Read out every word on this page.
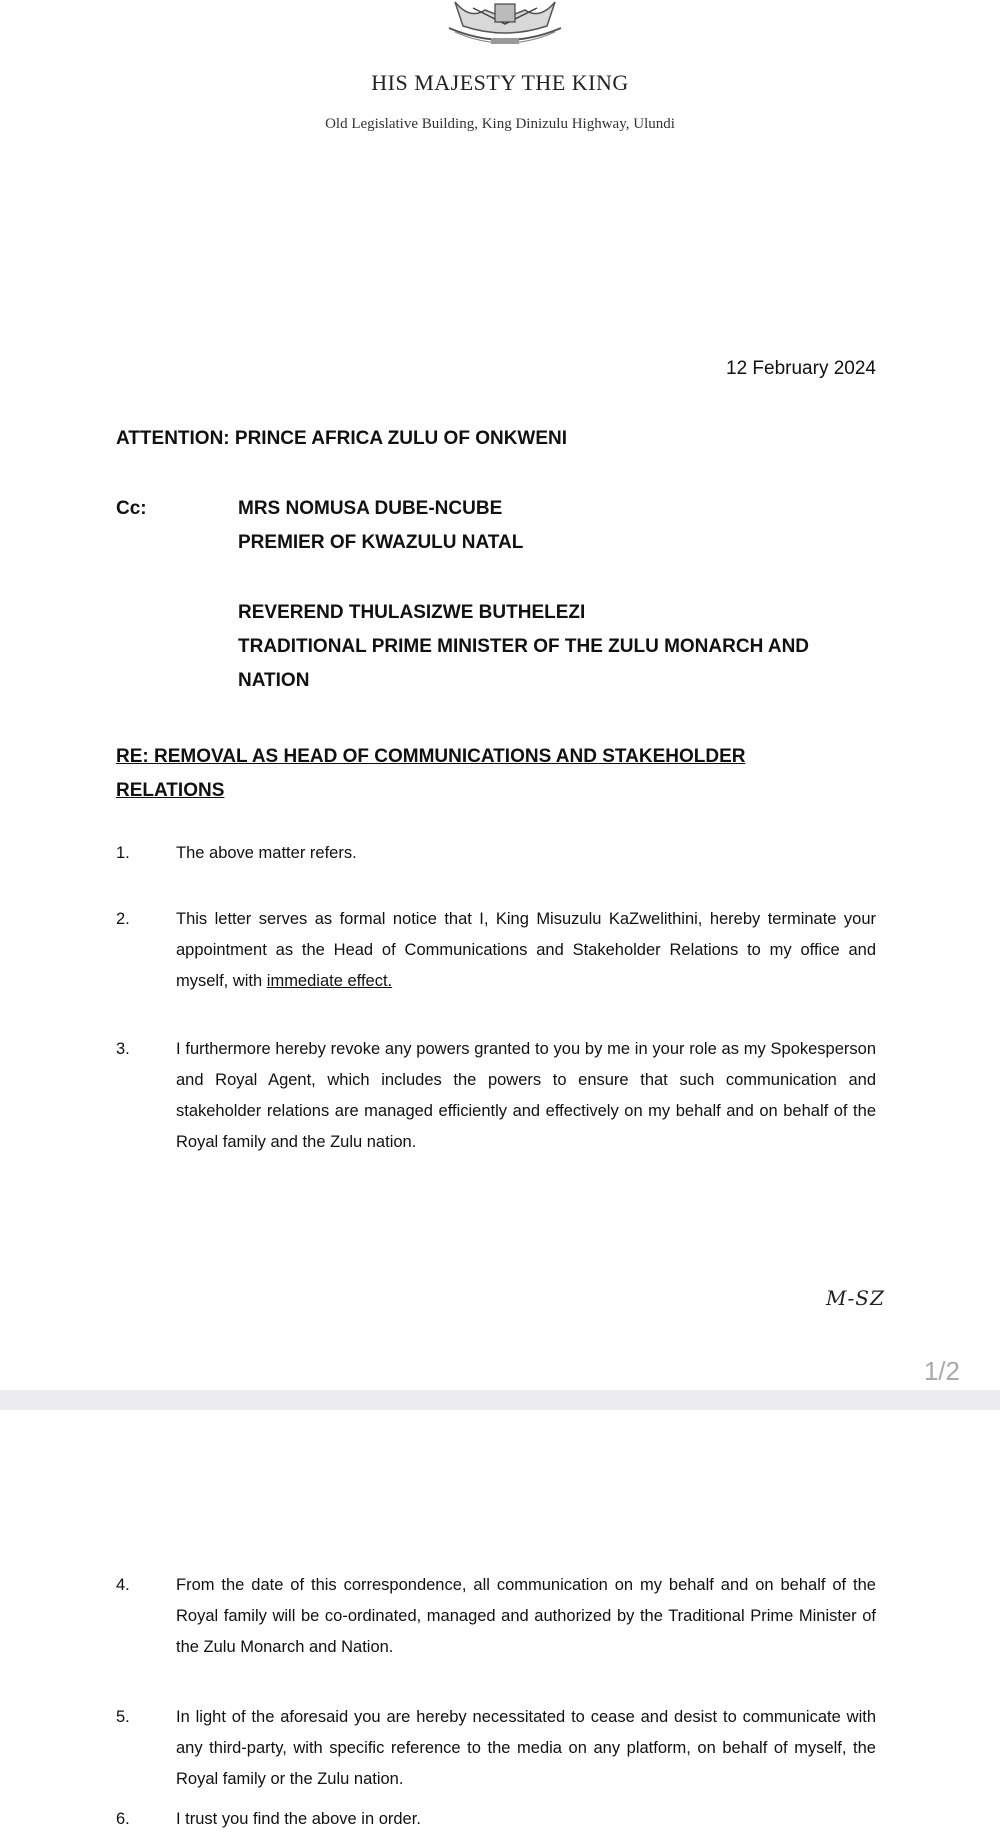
HIS MAJESTY THE KING
Old Legislative Building, King Dinizulu Highway, Ulundi
12 February 2024
ATTENTION: PRINCE AFRICA ZULU OF ONKWENI
Cc:	MRS NOMUSA DUBE-NCUBE
PREMIER OF KWAZULU NATAL
REVEREND THULASIZWE BUTHELEZI
TRADITIONAL PRIME MINISTER OF THE ZULU MONARCH AND
NATION
RE: REMOVAL AS HEAD OF COMMUNICATIONS AND STAKEHOLDER RELATIONS
1.	The above matter refers.
2.	This letter serves as formal notice that I, King Misuzulu KaZwelithini, hereby terminate your appointment as the Head of Communications and Stakeholder Relations to my office and myself, with immediate effect.
3.	I furthermore hereby revoke any powers granted to you by me in your role as my Spokesperson and Royal Agent, which includes the powers to ensure that such communication and stakeholder relations are managed efficiently and effectively on my behalf and on behalf of the Royal family and the Zulu nation.
M-SZ
1/2
4.	From the date of this correspondence, all communication on my behalf and on behalf of the Royal family will be co-ordinated, managed and authorized by the Traditional Prime Minister of the Zulu Monarch and Nation.
5.	In light of the aforesaid you are hereby necessitated to cease and desist to communicate with any third-party, with specific reference to the media on any platform, on behalf of myself, the Royal family or the Zulu nation.
6.	I trust you find the above in order.
